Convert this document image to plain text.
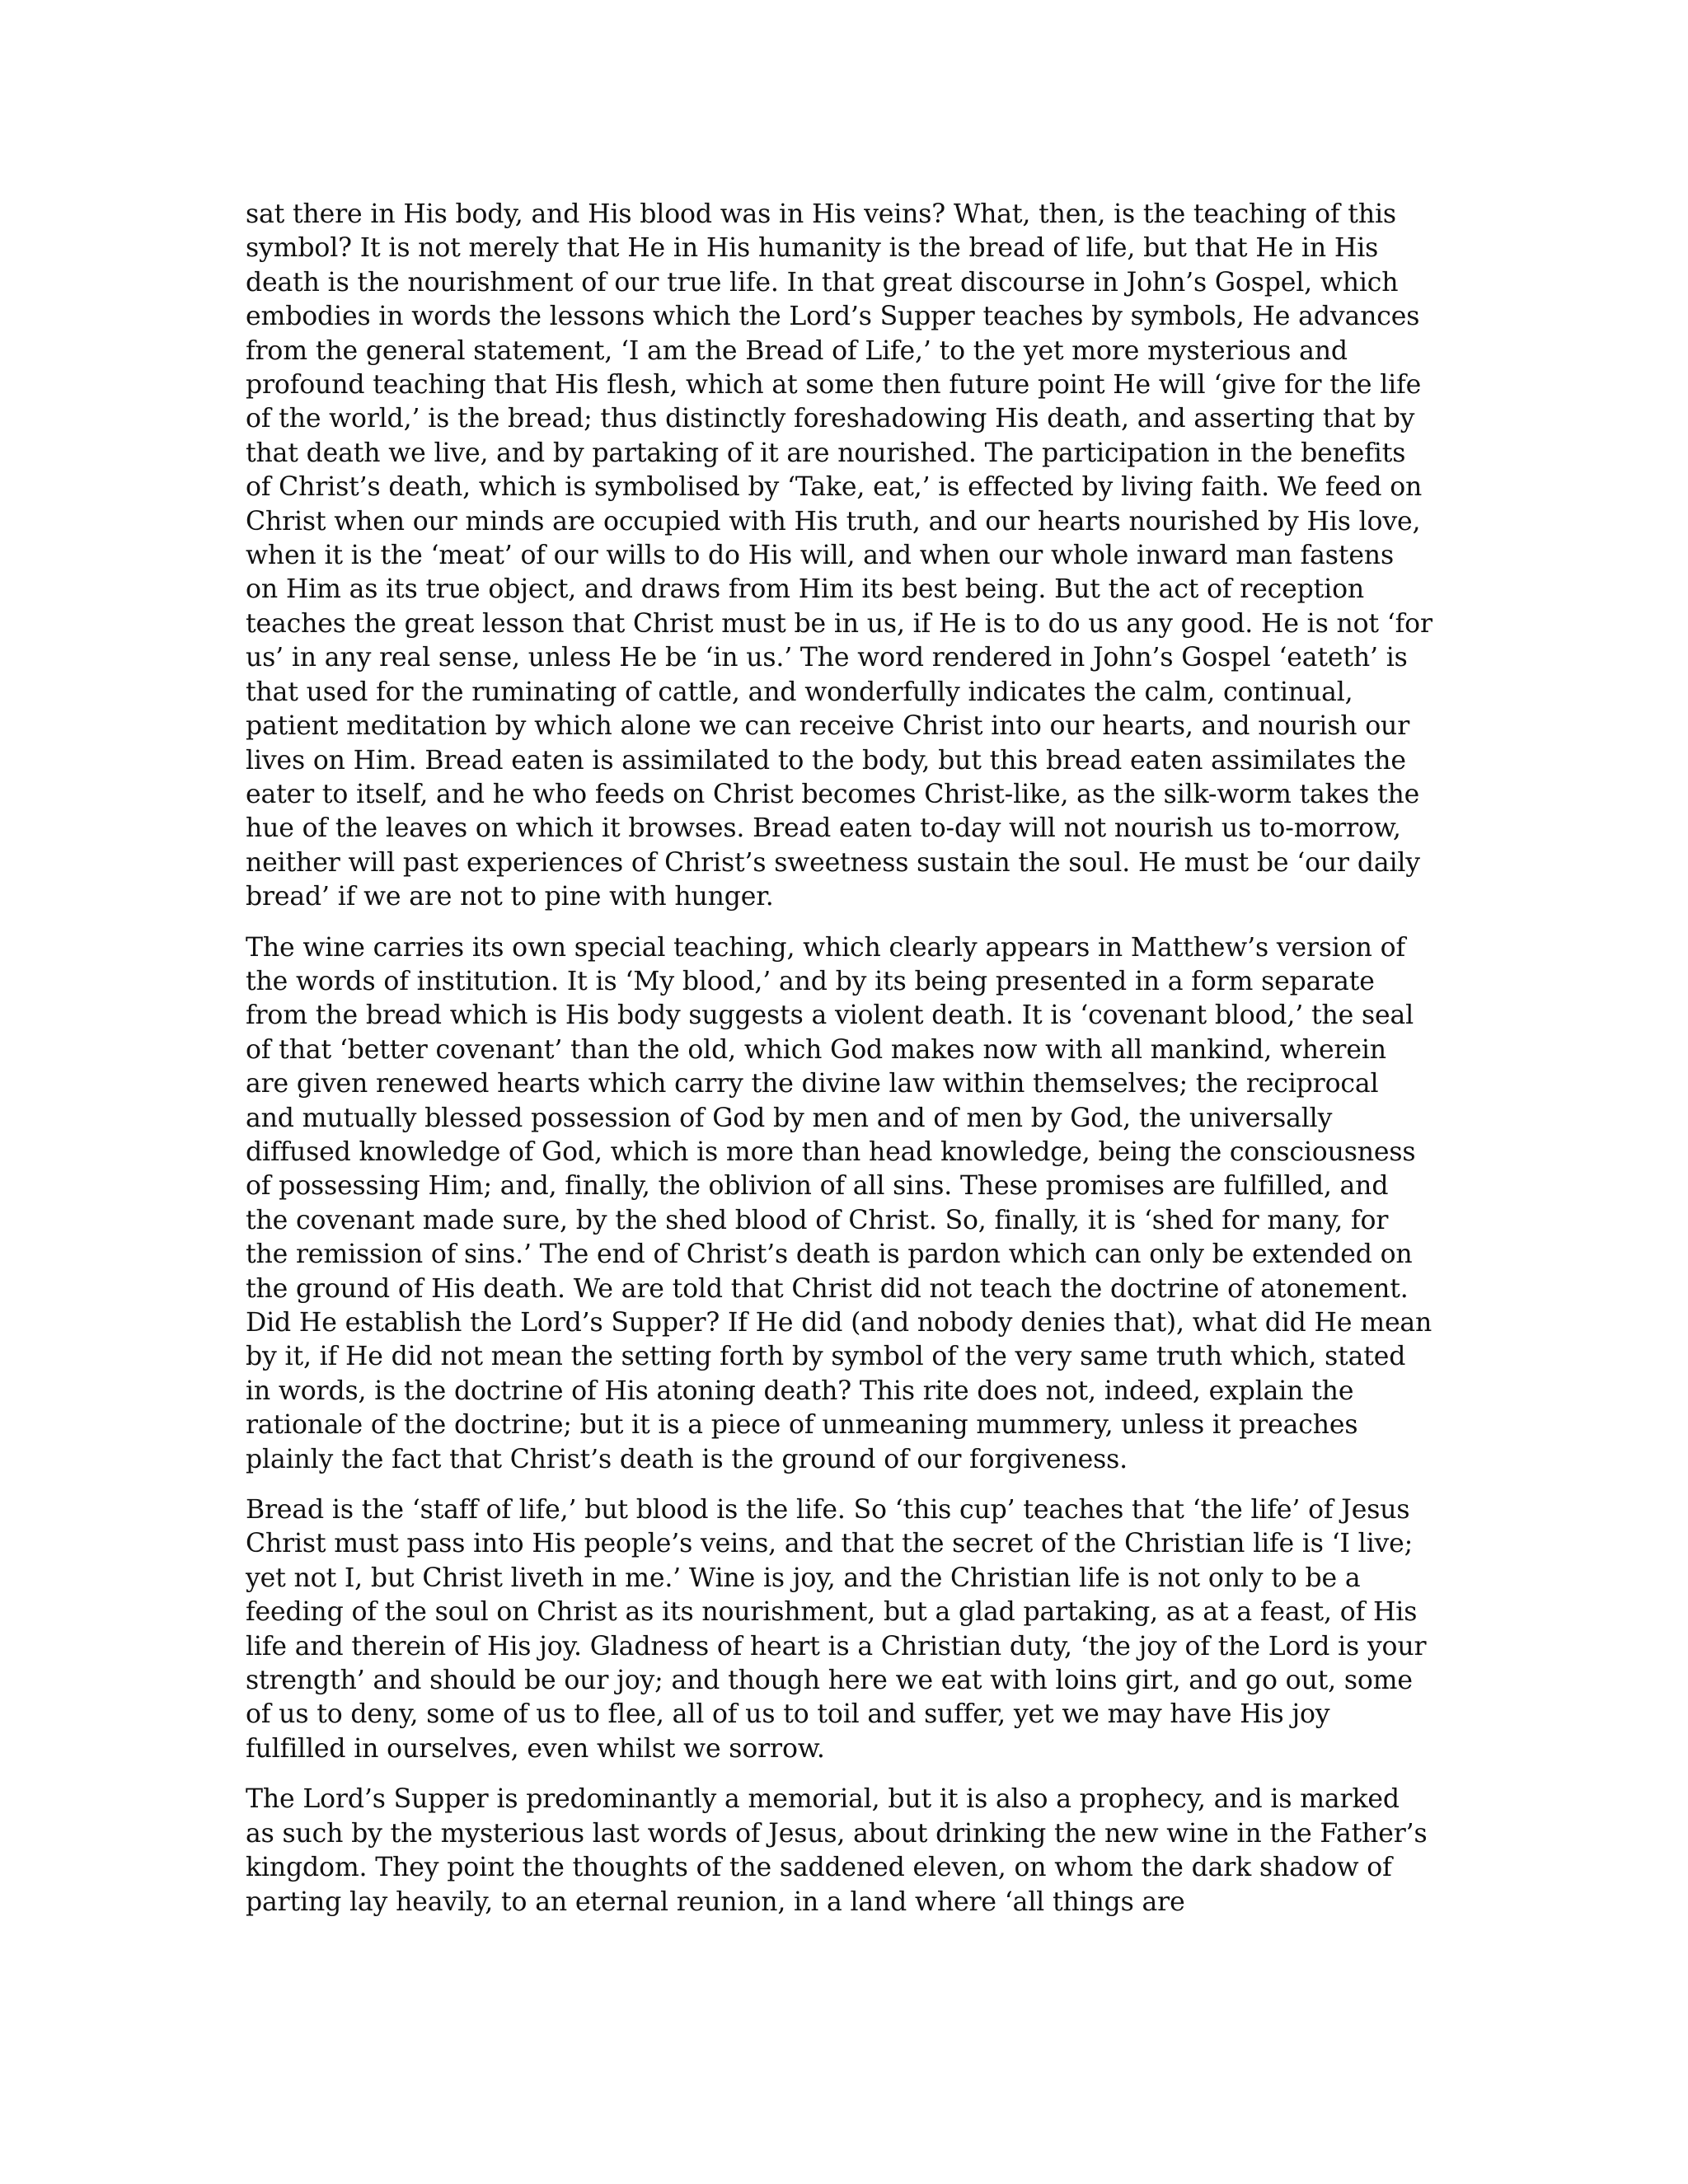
sat there in His body, and His blood was in His veins? What, then, is the teaching of this symbol? It is not merely that He in His humanity is the bread of life, but that He in His death is the nourishment of our true life. In that great discourse in John’s Gospel, which embodies in words the lessons which the Lord’s Supper teaches by symbols, He advances from the general statement, ‘I am the Bread of Life,’ to the yet more mysterious and profound teaching that His flesh, which at some then future point He will ‘give for the life of the world,’ is the bread; thus distinctly foreshadowing His death, and asserting that by that death we live, and by partaking of it are nourished. The participation in the benefits of Christ’s death, which is symbolised by ‘Take, eat,’ is effected by living faith. We feed on Christ when our minds are occupied with His truth, and our hearts nourished by His love, when it is the ‘meat’ of our wills to do His will, and when our whole inward man fastens on Him as its true object, and draws from Him its best being. But the act of reception teaches the great lesson that Christ must be in us, if He is to do us any good. He is not ‘for us’ in any real sense, unless He be ‘in us.’ The word rendered in John’s Gospel ‘eateth’ is that used for the ruminating of cattle, and wonderfully indicates the calm, continual, patient meditation by which alone we can receive Christ into our hearts, and nourish our lives on Him. Bread eaten is assimilated to the body, but this bread eaten assimilates the eater to itself, and he who feeds on Christ becomes Christ-like, as the silk-worm takes the hue of the leaves on which it browses. Bread eaten to-day will not nourish us to-morrow, neither will past experiences of Christ’s sweetness sustain the soul. He must be ‘our daily bread’ if we are not to pine with hunger.

The wine carries its own special teaching, which clearly appears in Matthew’s version of the words of institution. It is ‘My blood,’ and by its being presented in a form separate from the bread which is His body suggests a violent death. It is ‘covenant blood,’ the seal of that ‘better covenant’ than the old, which God makes now with all mankind, wherein are given renewed hearts which carry the divine law within themselves; the reciprocal and mutually blessed possession of God by men and of men by God, the universally diffused knowledge of God, which is more than head knowledge, being the consciousness of possessing Him; and, finally, the oblivion of all sins. These promises are fulfilled, and the covenant made sure, by the shed blood of Christ. So, finally, it is ‘shed for many, for the remission of sins.’ The end of Christ’s death is pardon which can only be extended on the ground of His death. We are told that Christ did not teach the doctrine of atonement. Did He establish the Lord’s Supper? If He did (and nobody denies that), what did He mean by it, if He did not mean the setting forth by symbol of the very same truth which, stated in words, is the doctrine of His atoning death? This rite does not, indeed, explain the rationale of the doctrine; but it is a piece of unmeaning mummery, unless it preaches plainly the fact that Christ’s death is the ground of our forgiveness.

Bread is the ‘staff of life,’ but blood is the life. So ‘this cup’ teaches that ‘the life’ of Jesus Christ must pass into His people’s veins, and that the secret of the Christian life is ‘I live; yet not I, but Christ liveth in me.’ Wine is joy, and the Christian life is not only to be a feeding of the soul on Christ as its nourishment, but a glad partaking, as at a feast, of His life and therein of His joy. Gladness of heart is a Christian duty, ‘the joy of the Lord is your strength’ and should be our joy; and though here we eat with loins girt, and go out, some of us to deny, some of us to flee, all of us to toil and suffer, yet we may have His joy fulfilled in ourselves, even whilst we sorrow.

The Lord’s Supper is predominantly a memorial, but it is also a prophecy, and is marked as such by the mysterious last words of Jesus, about drinking the new wine in the Father’s kingdom. They point the thoughts of the saddened eleven, on whom the dark shadow of parting lay heavily, to an eternal reunion, in a land where ‘all things are
